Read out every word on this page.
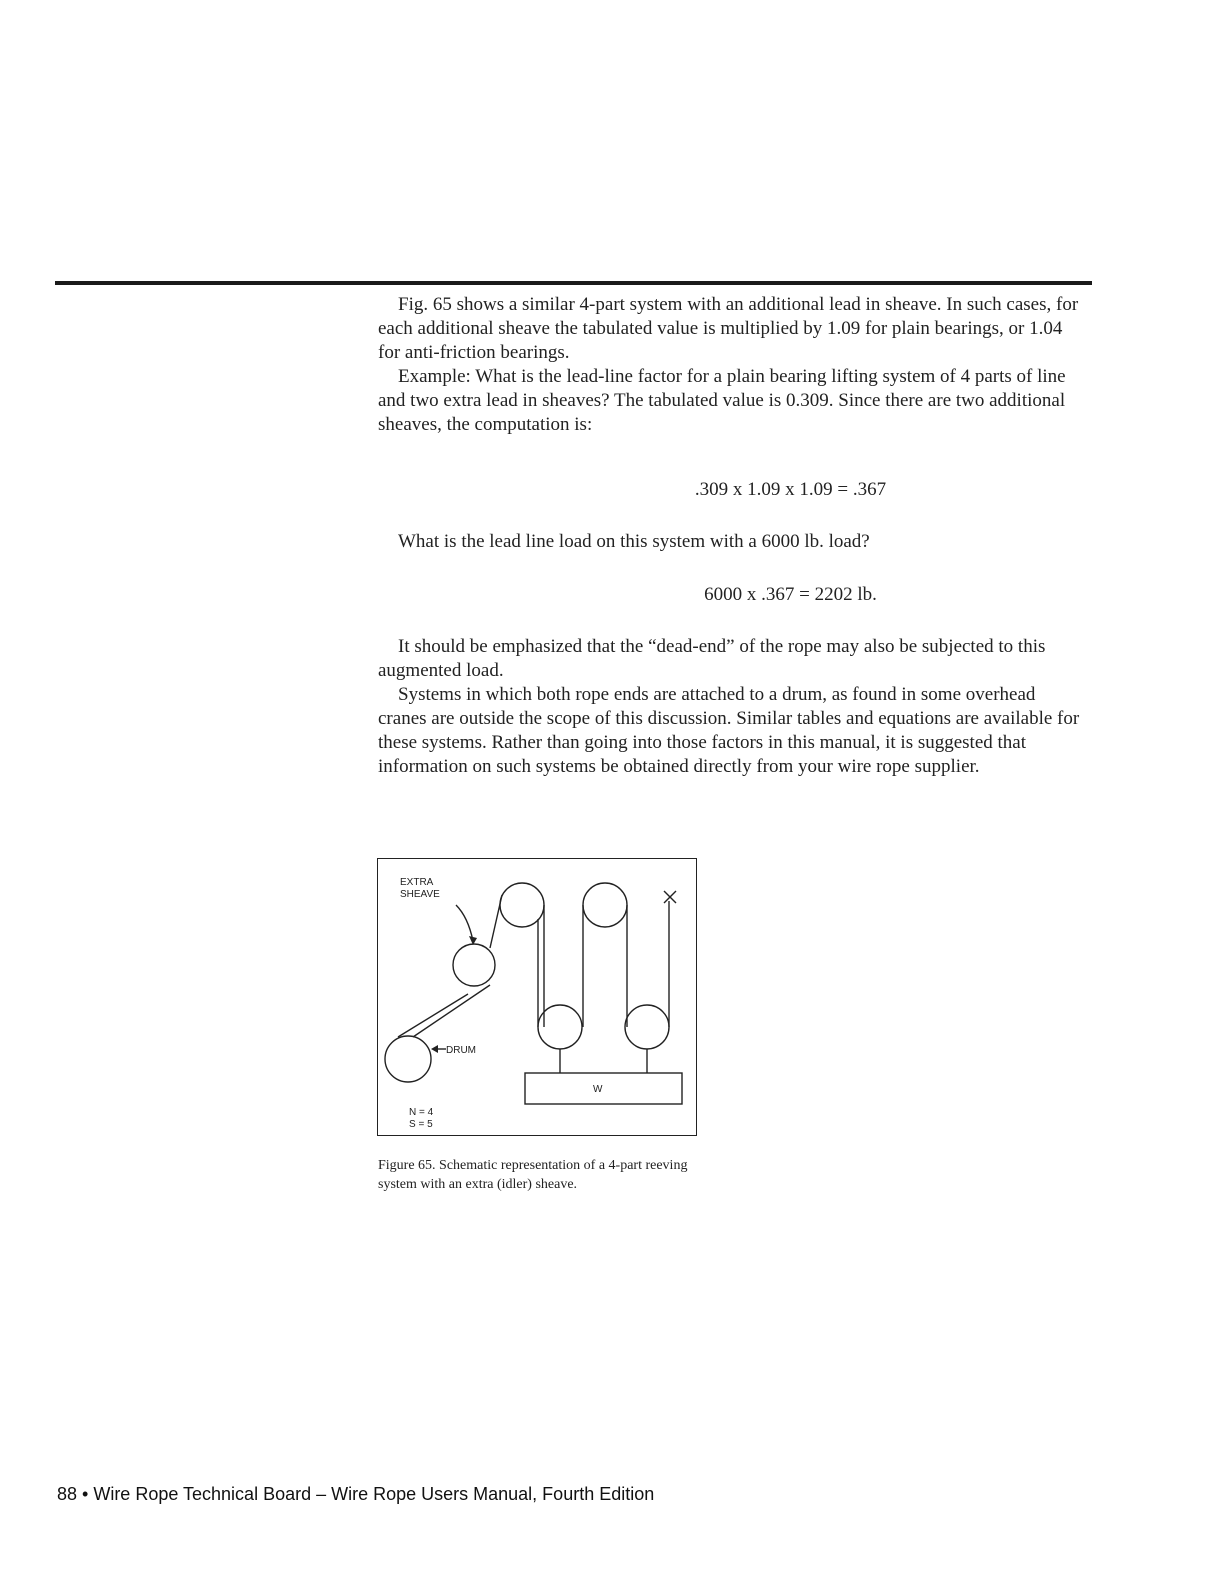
Fig. 65 shows a similar 4-part system with an additional lead in sheave. In such cases, for each additional sheave the tabulated value is multiplied by 1.09 for plain bearings, or 1.04 for anti-friction bearings.

Example: What is the lead-line factor for a plain bearing lifting system of 4 parts of line and two extra lead in sheaves? The tabulated value is 0.309. Since there are two additional sheaves, the computation is:

.309 x 1.09 x 1.09 = .367

What is the lead line load on this system with a 6000 lb. load?

6000 x .367 = 2202 lb.

It should be emphasized that the “dead-end” of the rope may also be subjected to this augmented load.

Systems in which both rope ends are attached to a drum, as found in some overhead cranes are outside the scope of this discussion. Similar tables and equations are available for these systems. Rather than going into those factors in this manual, it is suggested that information on such systems be obtained directly from your wire rope supplier.

EXTRA
SHEAVE
DRUM
W
N = 4
S = 5
Figure 65. Schematic representation of a 4-part reeving system with an extra (idler) sheave.
88 • Wire Rope Technical Board – Wire Rope Users Manual, Fourth Edition
